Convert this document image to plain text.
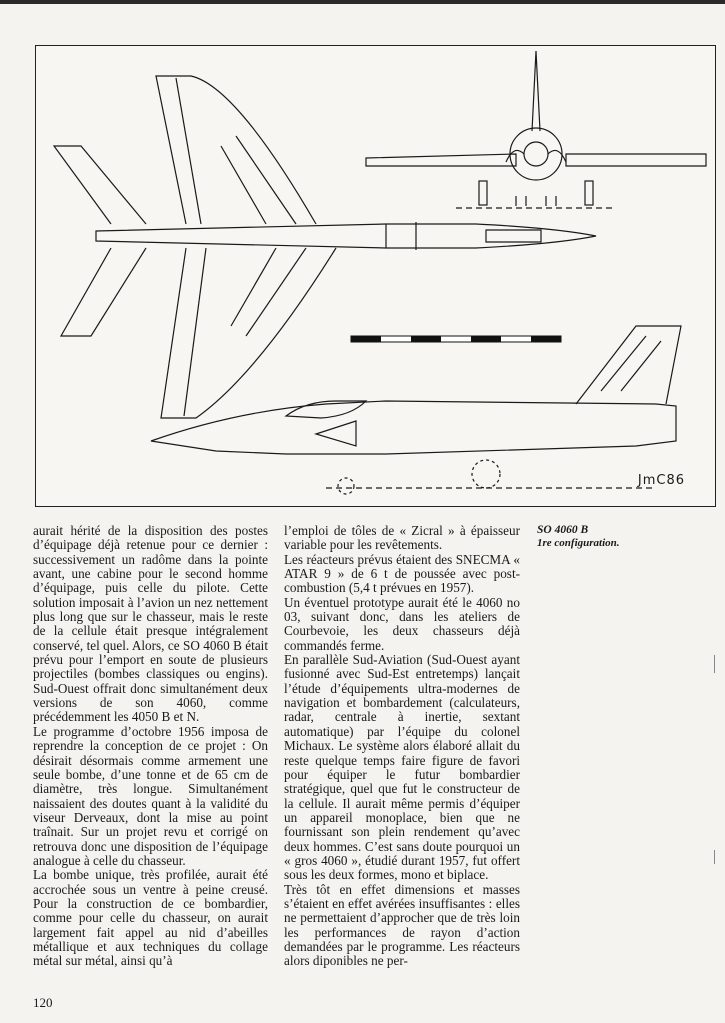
JmC86

aurait hérité de la disposition des postes d’équipage déjà retenue pour ce dernier : successivement un radôme dans la pointe avant, une cabine pour le second homme d’équipage, puis celle du pilote. Cette solution imposait à l’avion un nez nettement plus long que sur le chasseur, mais le reste de la cellule était presque intégralement conservé, tel quel. Alors, ce SO 4060 B était prévu pour l’emport en soute de plusieurs projectiles (bombes classiques ou engins). Sud-Ouest offrait donc simultanément deux versions de son 4060, comme précédemment les 4050 B et N.

Le programme d’octobre 1956 imposa de reprendre la conception de ce projet : On désirait désormais comme armement une seule bombe, d’une tonne et de 65 cm de diamètre, très longue. Simultanément naissaient des doutes quant à la validité du viseur Derveaux, dont la mise au point traînait. Sur un projet revu et corrigé on retrouva donc une disposition de l’équipage analogue à celle du chasseur.

La bombe unique, très profilée, aurait été accrochée sous un ventre à peine creusé. Pour la construction de ce bombardier, comme pour celle du chasseur, on aurait largement fait appel au nid d’abeilles métallique et aux techniques du collage métal sur métal, ainsi qu’à

l’emploi de tôles de « Zicral » à épaisseur variable pour les revêtements.

Les réacteurs prévus étaient des SNECMA « ATAR 9 » de 6 t de poussée avec post-combustion (5,4 t prévues en 1957).

Un éventuel prototype aurait été le 4060 no 03, suivant donc, dans les ateliers de Courbevoie, les deux chasseurs déjà commandés ferme.

En parallèle Sud-Aviation (Sud-Ouest ayant fusionné avec Sud-Est entretemps) lançait l’étude d’équipements ultra-modernes de navigation et bombardement (calculateurs, radar, centrale à inertie, sextant automatique) par l’équipe du colonel Michaux. Le système alors élaboré allait du reste quelque temps faire figure de favori pour équiper le futur bombardier stratégique, quel que fut le constructeur de la cellule. Il aurait même permis d’équiper un appareil monoplace, bien que ne fournissant son plein rendement qu’avec deux hommes. C’est sans doute pourquoi un « gros 4060 », étudié durant 1957, fut offert sous les deux formes, mono et biplace.

Très tôt en effet dimensions et masses s’étaient en effet avérées insuffisantes : elles ne permettaient d’approcher que de très loin les performances de rayon d’action demandées par le programme. Les réacteurs alors diponibles ne per-

SO 4060 B
1re configuration.
120
